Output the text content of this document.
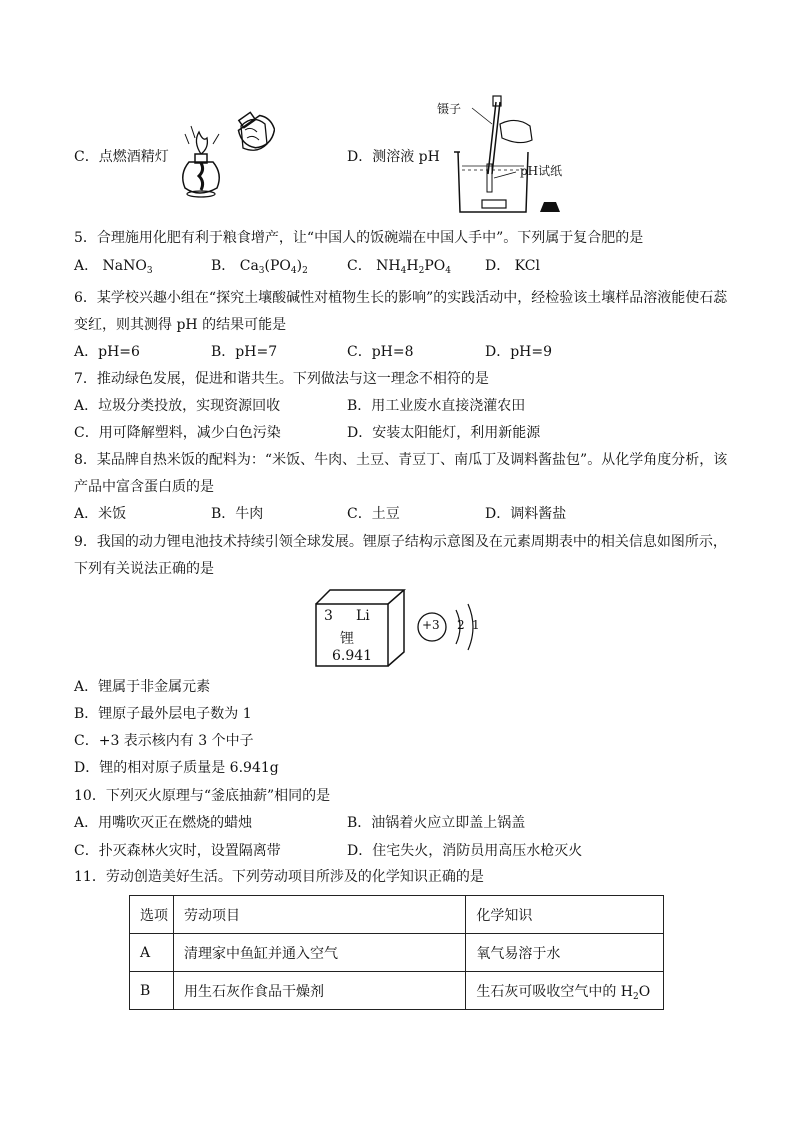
C．点燃酒精灯	D．测溶液 pH
镊子
pH试纸
5．合理施用化肥有利于粮食增产，让“中国人的饭碗端在中国人手中”。下列属于复合肥的是
A． NaNO$_3$	B． $Ca_3(PO_4)_2$	C． $NH_4H_2PO_4$ D． KCl
6．某学校兴趣小组在“探究土壤酸碱性对植物生长的影响”的实践活动中，经检验该土壤样品溶液能使石蕊
变红，则其测得 pH 的结果可能是
A．pH=6	B．pH=7	C．pH=8	D．pH=9
7．推动绿色发展，促进和谐共生。下列做法与这一理念不相符的是
A．垃圾分类投放，实现资源回收	B．用工业废水直接浇灌农田
C．用可降解塑料，减少白色污染	D．安装太阳能灯，利用新能源
8．某品牌自热米饭的配料为：“米饭、牛肉、土豆、青豆丁、南瓜丁及调料酱盐包”。从化学角度分析，该
产品中富含蛋白质的是
A．米饭	B．牛肉	C．土豆	D．调料酱盐
9．我国的动力锂电池技术持续引领全球发展。锂原子结构示意图及在元素周期表中的相关信息如图所示，
下列有关说法正确的是
3 Li
锂
6.941
+3 2 1
A．锂属于非金属元素
B．锂原子最外层电子数为 1
C．+3 表示核内有 3 个中子
D．锂的相对原子质量是 6.941g
10．下列灭火原理与“釜底抽薪”相同的是
A．用嘴吹灭正在燃烧的蜡烛	B．油锅着火应立即盖上锅盖
C．扑灭森林火灾时，设置隔离带	D．住宅失火，消防员用高压水枪灭火
11．劳动创造美好生活。下列劳动项目所涉及的化学知识正确的是
选项	劳动项目	化学知识
A	清理家中鱼缸并通入空气	氧气易溶于水
B	用生石灰作食品干燥剂	生石灰可吸收空气中的 $H_2O$
